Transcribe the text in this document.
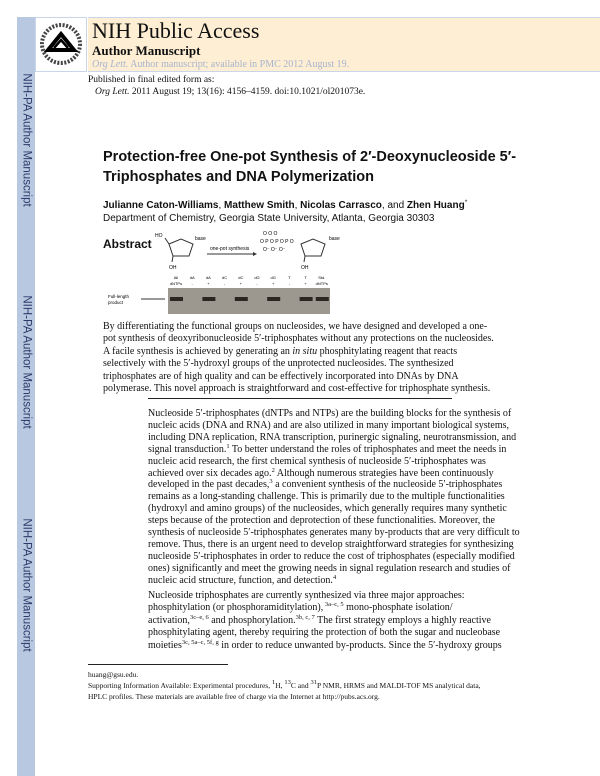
NIH-PA Author Manuscript
NIH-PA Author Manuscript
NIH-PA Author Manuscript
NIH Public Access
Author Manuscript
Org Lett. Author manuscript; available in PMC 2012 August 19.
Published in final edited form as:
Org Lett. 2011 August 19; 13(16): 4156–4159. doi:10.1021/ol201073e.
Protection-free One-pot Synthesis of 2′-Deoxynucleoside 5′-
Triphosphates and DNA Polymerization
Julianne Caton-Williams, Matthew Smith, Nicolas Carrasco, and Zhen Huang*
Department of Chemistry, Georgia State University, Atlanta, Georgia 30303
Abstract
HO	base
OH
one-pot synthesis
O O O
O P O P O P O
O⁻ O⁻ O⁻
base
OH
All
dNTPs
dA
-
dA
+
dC
-
dC
+
dG
-
dG
+
T
-
T
+
Std.
dNTPs
Full-length
product
By differentiating the functional groups on nucleosides, we have designed and developed a one-
pot synthesis of deoxyribonucleoside 5′-triphosphates without any protections on the nucleosides.
A facile synthesis is achieved by generating an in situ phosphitylating reagent that reacts
selectively with the 5′-hydroxyl groups of the unprotected nucleosides. The synthesized
triphosphates are of high quality and can be effectively incorporated into DNAs by DNA
polymerase. This novel approach is straightforward and cost-effective for triphosphate synthesis.
Nucleoside 5′-triphosphates (dNTPs and NTPs) are the building blocks for the synthesis of
nucleic acids (DNA and RNA) and are also utilized in many important biological systems,
including DNA replication, RNA transcription, purinergic signaling, neurotransmission, and
signal transduction.$^1$ To better understand the roles of triphosphates and meet the needs in
nucleic acid research, the first chemical synthesis of nucleoside 5′-triphosphates was
achieved over six decades ago.$^2$ Although numerous strategies have been continuously
developed in the past decades,$^3$ a convenient synthesis of the nucleoside 5′-triphosphates
remains as a long-standing challenge. This is primarily due to the multiple functionalities
(hydroxyl and amino groups) of the nucleosides, which generally requires many synthetic
steps because of the protection and deprotection of these functionalities. Moreover, the
synthesis of nucleoside 5′-triphosphates generates many by-products that are very difficult to
remove. Thus, there is an urgent need to develop straightforward strategies for synthesizing
nucleoside 5′-triphosphates in order to reduce the cost of triphosphates (especially modified
ones) significantly and meet the growing needs in signal regulation research and studies of
nucleic acid structure, function, and detection.$^4$
Nucleoside triphosphates are currently synthesized via three major approaches:
phosphitylation (or phosphoramiditylation), $^{3a-c, 5}$ mono-phosphate isolation/
activation,$^{3c-e, 6}$ and phosphorylation.$^{3b, c, 7}$ The first strategy employs a highly reactive
phosphitylating agent, thereby requiring the protection of both the sugar and nucleobase
moieties$^{3c, 5a-c, 5f, g}$ in order to reduce unwanted by-products. Since the 5′-hydroxy groups
huang@gsu.edu.
Supporting Information Available: Experimental procedures, $^1$H, $^{13}$C and $^{31}$P NMR, HRMS and MALDI-TOF MS analytical data,
HPLC profiles. These materials are available free of charge via the Internet at http://pubs.acs.org.
